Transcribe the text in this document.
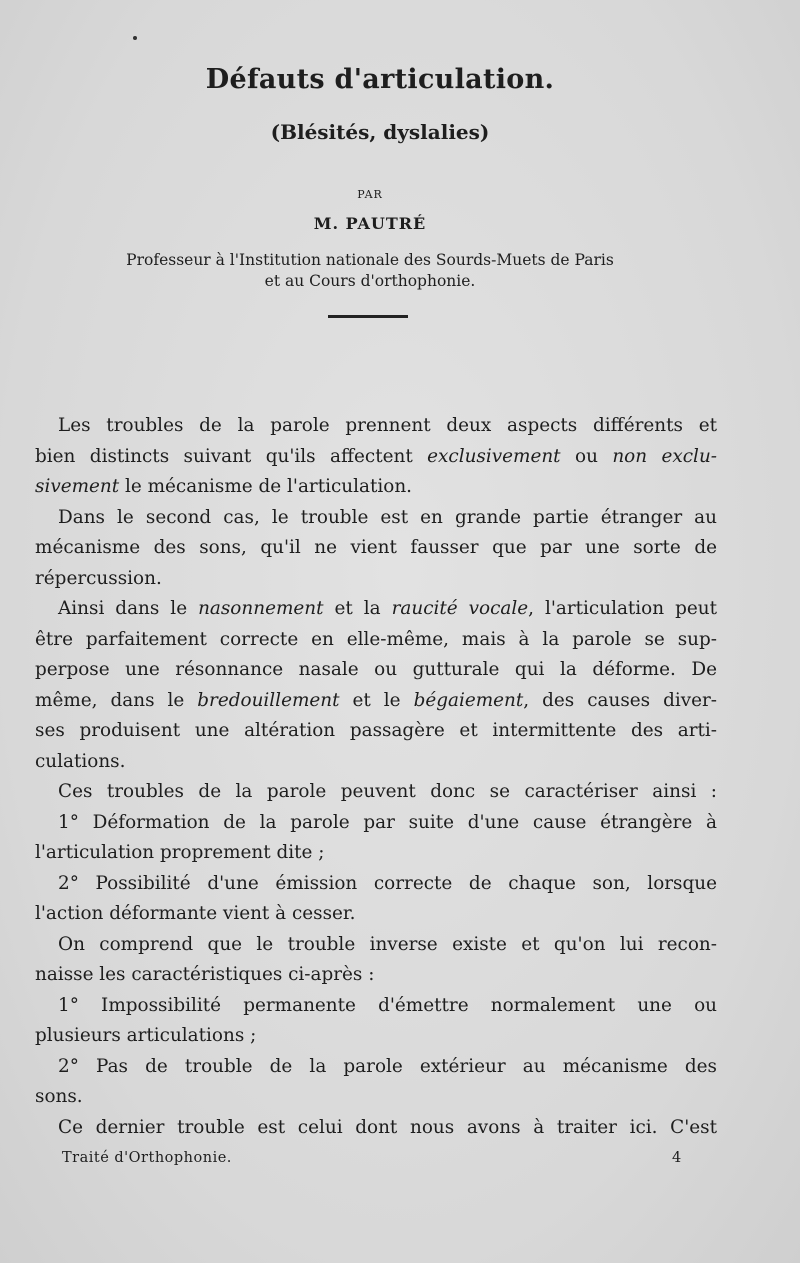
Défauts d'articulation.
(Blésités, dyslalies)
PAR
M. PAUTRÉ
Professeur à l'Institution nationale des Sourds-Muets de Paris
et au Cours d'orthophonie.
Les troubles de la parole prennent deux aspects différents et
bien distincts suivant qu'ils affectent exclusivement ou non exclu-
sivement le mécanisme de l'articulation.
Dans le second cas, le trouble est en grande partie étranger au
mécanisme des sons, qu'il ne vient fausser que par une sorte de
répercussion.
Ainsi dans le nasonnement et la raucité vocale, l'articulation peut
être parfaitement correcte en elle-même, mais à la parole se sup-
perpose une résonnance nasale ou gutturale qui la déforme. De
même, dans le bredouillement et le bégaiement, des causes diver-
ses produisent une altération passagère et intermittente des arti-
culations.
Ces troubles de la parole peuvent donc se caractériser ainsi :
1° Déformation de la parole par suite d'une cause étrangère à
l'articulation proprement dite ;
2° Possibilité d'une émission correcte de chaque son, lorsque
l'action déformante vient à cesser.
On comprend que le trouble inverse existe et qu'on lui recon-
naisse les caractéristiques ci-après :
1° Impossibilité permanente d'émettre normalement une ou
plusieurs articulations ;
2° Pas de trouble de la parole extérieur au mécanisme des
sons.
Ce dernier trouble est celui dont nous avons à traiter ici. C'est
Traité d'Orthophonie.	4
